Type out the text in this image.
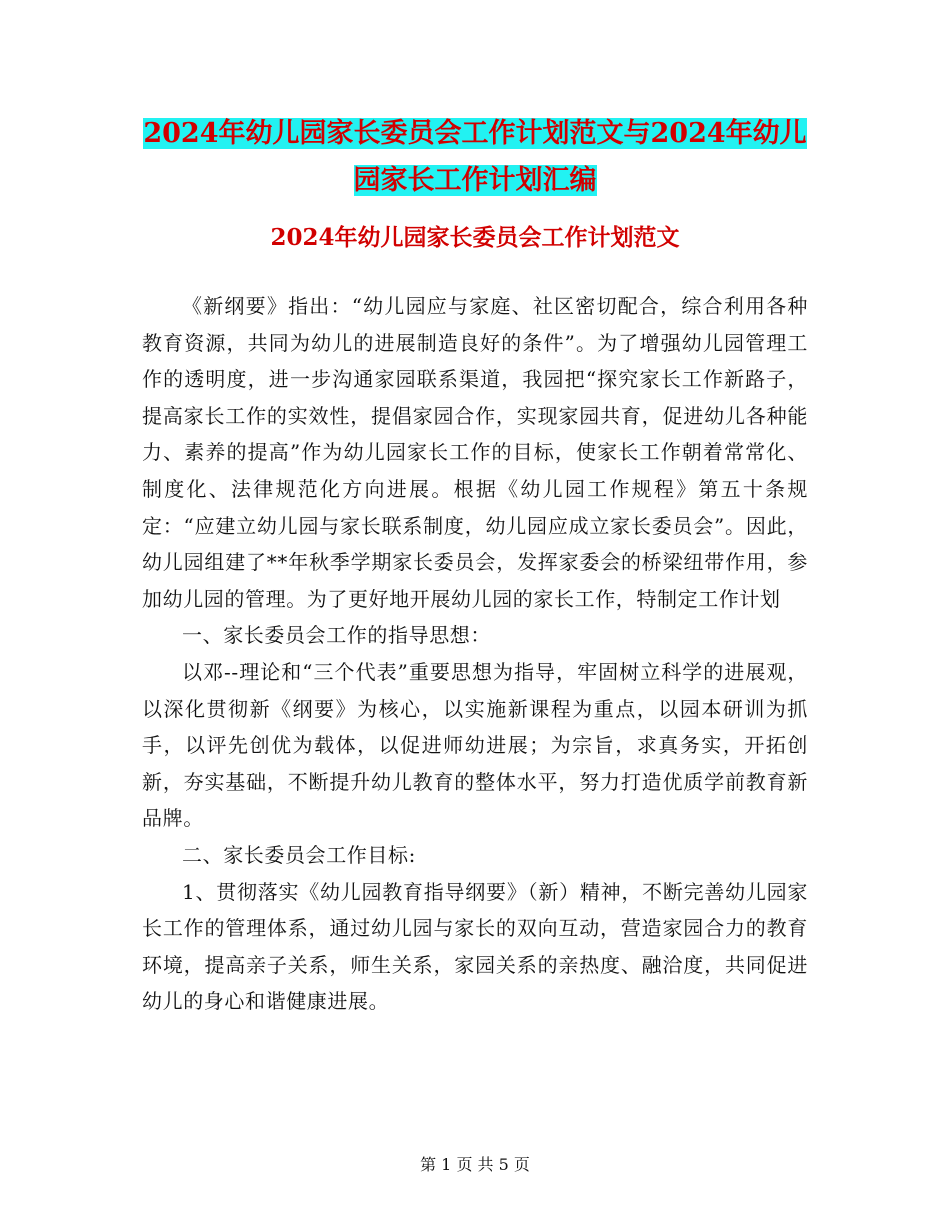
2024年幼儿园家长委员会工作计划范文与2024年幼儿园家长工作计划汇编
2024年幼儿园家长委员会工作计划范文

《新纲要》指出：“幼儿园应与家庭、社区密切配合，综合利用各种教育资源，共同为幼儿的进展制造良好的条件”。为了增强幼儿园管理工作的透明度，进一步沟通家园联系渠道，我园把“探究家长工作新路子，提高家长工作的实效性，提倡家园合作，实现家园共育，促进幼儿各种能力、素养的提高”作为幼儿园家长工作的目标，使家长工作朝着常常化、制度化、法律规范化方向进展。根据《幼儿园工作规程》第五十条规定：“应建立幼儿园与家长联系制度，幼儿园应成立家长委员会”。因此，幼儿园组建了**年秋季学期家长委员会，发挥家委会的桥梁纽带作用，参加幼儿园的管理。为了更好地开展幼儿园的家长工作，特制定工作计划

一、家长委员会工作的指导思想：

以邓--理论和“三个代表”重要思想为指导，牢固树立科学的进展观，以深化贯彻新《纲要》为核心，以实施新课程为重点，以园本研训为抓手，以评先创优为载体，以促进师幼进展；为宗旨，求真务实，开拓创新，夯实基础，不断提升幼儿教育的整体水平，努力打造优质学前教育新品牌。

二、家长委员会工作目标:

1、贯彻落实《幼儿园教育指导纲要》（新）精神，不断完善幼儿园家长工作的管理体系，通过幼儿园与家长的双向互动，营造家园合力的教育环境，提高亲子关系，师生关系，家园关系的亲热度、融洽度，共同促进幼儿的身心和谐健康进展。

第 1 页 共 5 页
